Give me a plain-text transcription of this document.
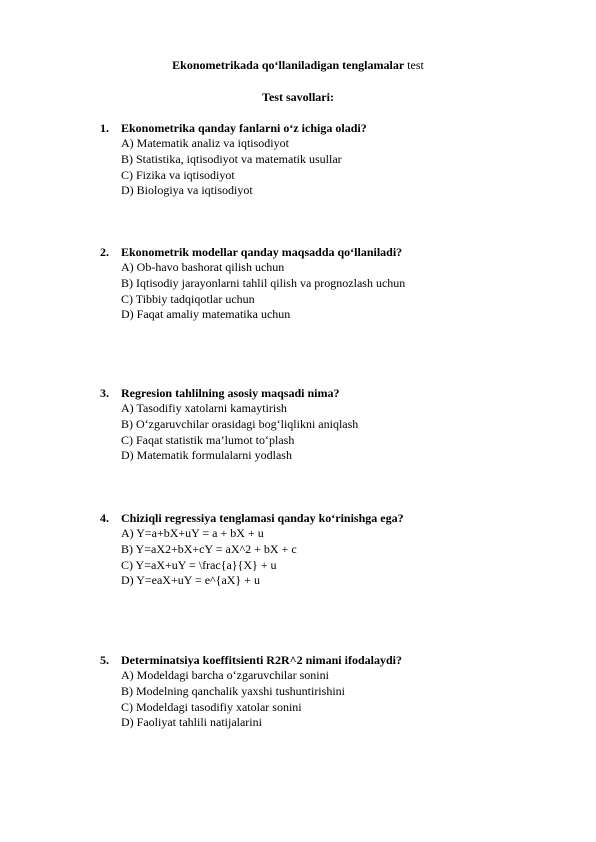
Ekonometrikada qo‘llaniladigan tenglamalar test
Test savollari:
1. Ekonometrika qanday fanlarni o‘z ichiga oladi?
A) Matematik analiz va iqtisodiyot
B) Statistika, iqtisodiyot va matematik usullar
C) Fizika va iqtisodiyot
D) Biologiya va iqtisodiyot
2. Ekonometrik modellar qanday maqsadda qo‘llaniladi?
A) Ob-havo bashorat qilish uchun
B) Iqtisodiy jarayonlarni tahlil qilish va prognozlash uchun
C) Tibbiy tadqiqotlar uchun
D) Faqat amaliy matematika uchun
3. Regresion tahlilning asosiy maqsadi nima?
A) Tasodifiy xatolarni kamaytirish
B) O‘zgaruvchilar orasidagi bog‘liqlikni aniqlash
C) Faqat statistik ma’lumot to‘plash
D) Matematik formulalarni yodlash
4. Chiziqli regressiya tenglamasi qanday ko‘rinishga ega?
A) Y=a+bX+uY = a + bX + u
B) Y=aX2+bX+cY = aX^2 + bX + c
C) Y=aX+uY = \frac{a}{X} + u
D) Y=eaX+uY = e^{aX} + u
5. Determinatsiya koeffitsienti R2R^2 nimani ifodalaydi?
A) Modeldagi barcha o‘zgaruvchilar sonini
B) Modelning qanchalik yaxshi tushuntirishini
C) Modeldagi tasodifiy xatolar sonini
D) Faoliyat tahlili natijalarini
